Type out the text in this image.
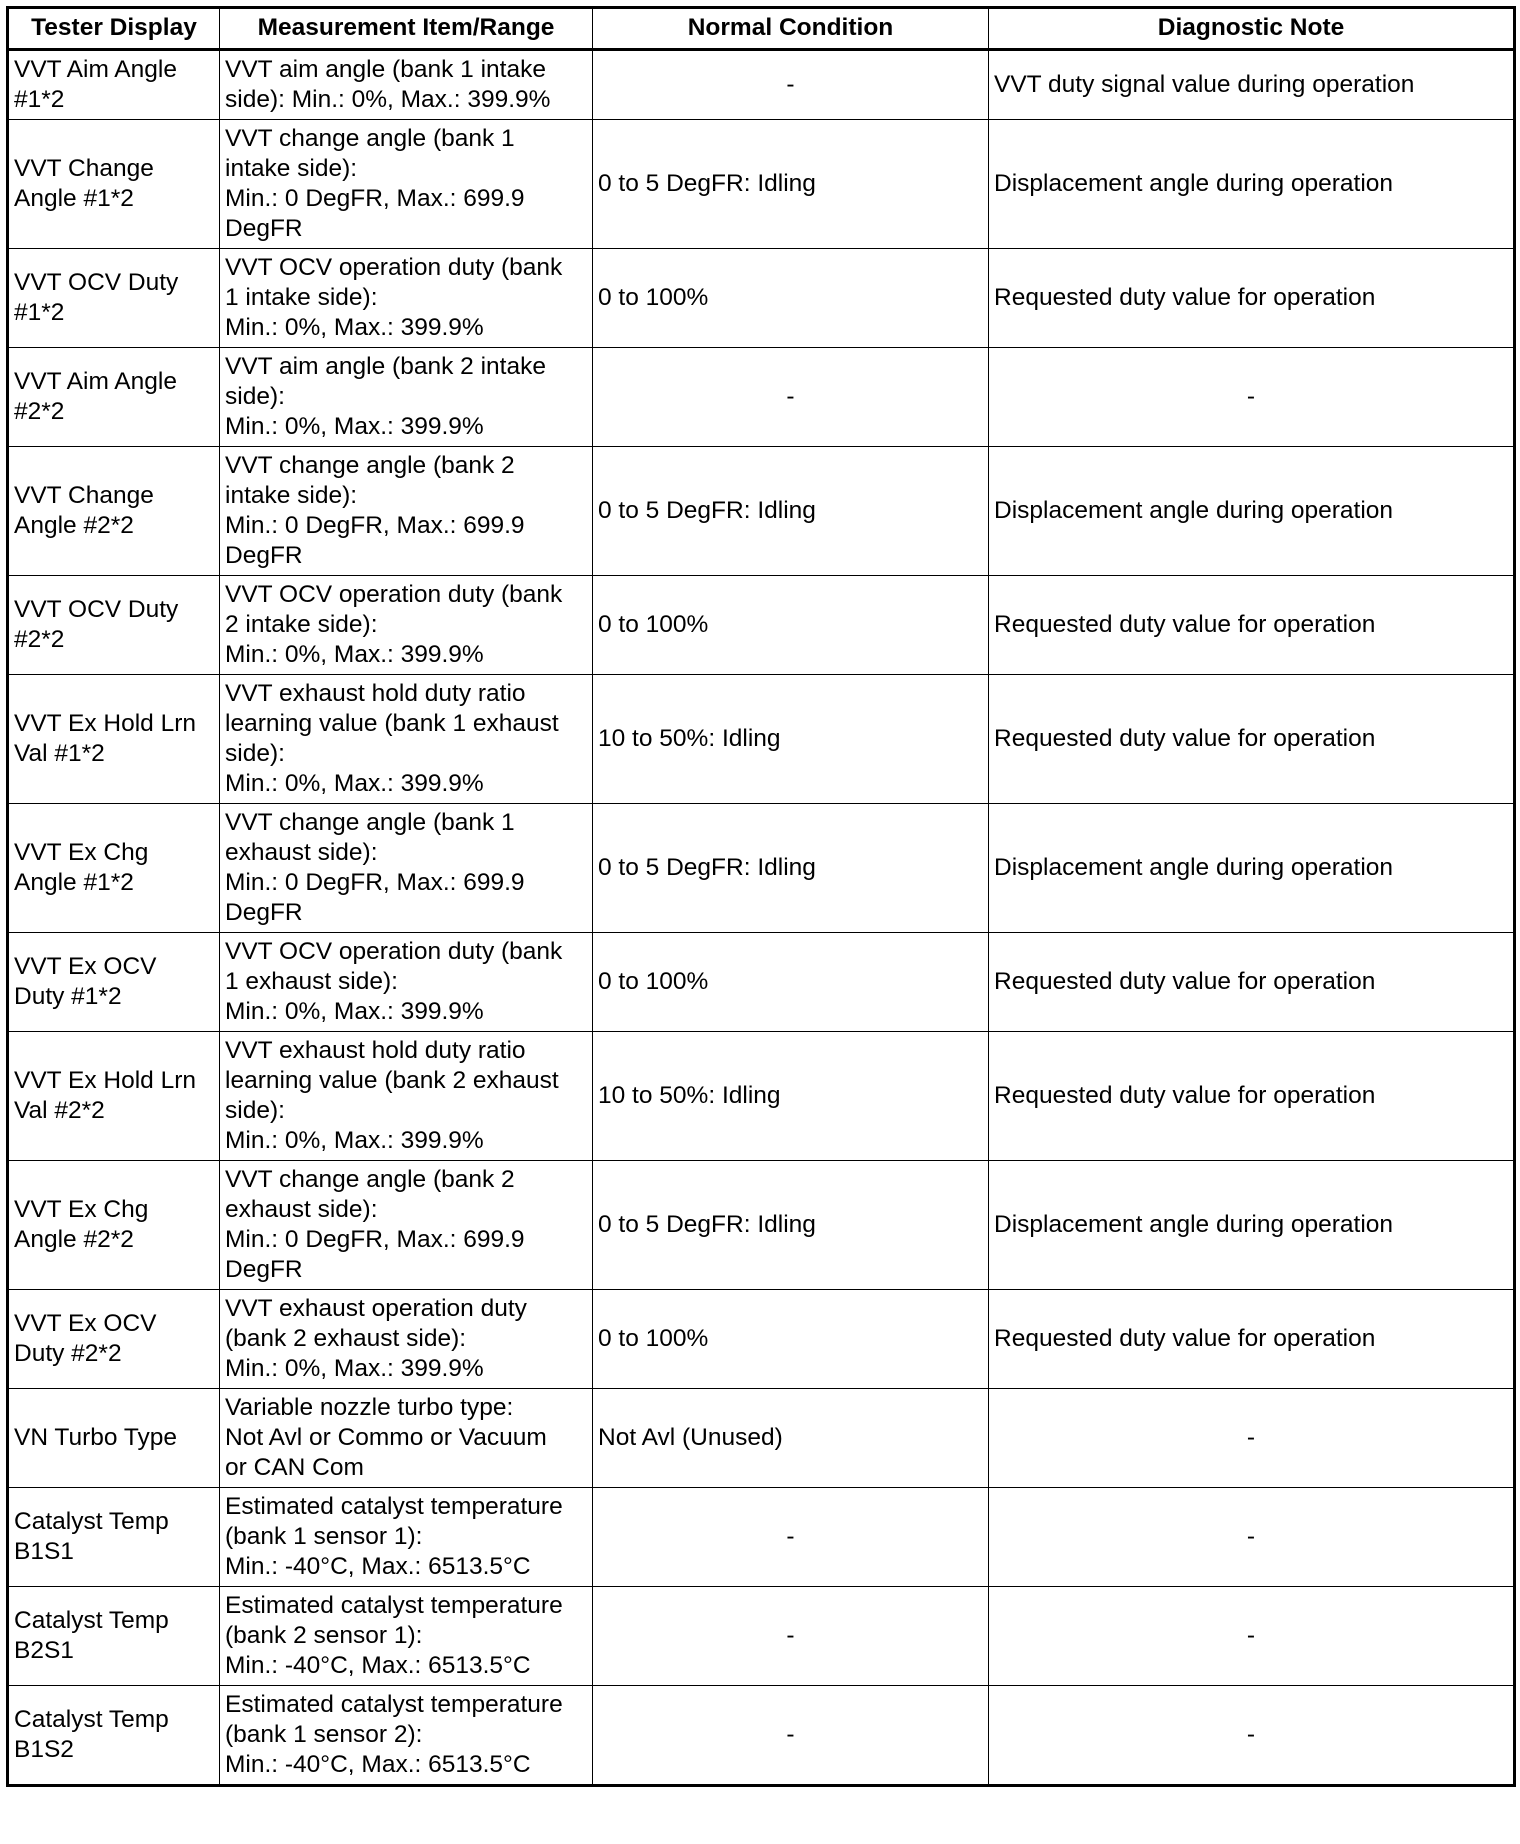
Tester Display	Measurement Item/Range	Normal Condition	Diagnostic Note

VVT Aim Angle
#1*2	VVT aim angle (bank 1 intake
side): Min.: 0%, Max.: 399.9%	-	VVT duty signal value during operation

VVT Change
Angle #1*2	VVT change angle (bank 1
intake side):
Min.: 0 DegFR, Max.: 699.9
DegFR	0 to 5 DegFR: Idling	Displacement angle during operation

VVT OCV Duty
#1*2	VVT OCV operation duty (bank
1 intake side):
Min.: 0%, Max.: 399.9%	0 to 100%	Requested duty value for operation

VVT Aim Angle
#2*2	VVT aim angle (bank 2 intake
side):
Min.: 0%, Max.: 399.9%	-	-

VVT Change
Angle #2*2	VVT change angle (bank 2
intake side):
Min.: 0 DegFR, Max.: 699.9
DegFR	0 to 5 DegFR: Idling	Displacement angle during operation

VVT OCV Duty
#2*2	VVT OCV operation duty (bank
2 intake side):
Min.: 0%, Max.: 399.9%	0 to 100%	Requested duty value for operation

VVT Ex Hold Lrn
Val #1*2	VVT exhaust hold duty ratio
learning value (bank 1 exhaust
side):
Min.: 0%, Max.: 399.9%	10 to 50%: Idling	Requested duty value for operation

VVT Ex Chg
Angle #1*2	VVT change angle (bank 1
exhaust side):
Min.: 0 DegFR, Max.: 699.9
DegFR	0 to 5 DegFR: Idling	Displacement angle during operation

VVT Ex OCV
Duty #1*2	VVT OCV operation duty (bank
1 exhaust side):
Min.: 0%, Max.: 399.9%	0 to 100%	Requested duty value for operation

VVT Ex Hold Lrn
Val #2*2	VVT exhaust hold duty ratio
learning value (bank 2 exhaust
side):
Min.: 0%, Max.: 399.9%	10 to 50%: Idling	Requested duty value for operation

VVT Ex Chg
Angle #2*2	VVT change angle (bank 2
exhaust side):
Min.: 0 DegFR, Max.: 699.9
DegFR	0 to 5 DegFR: Idling	Displacement angle during operation

VVT Ex OCV
Duty #2*2	VVT exhaust operation duty
(bank 2 exhaust side):
Min.: 0%, Max.: 399.9%	0 to 100%	Requested duty value for operation

VN Turbo Type	Variable nozzle turbo type:
Not Avl or Commo or Vacuum
or CAN Com	Not Avl (Unused)	-

Catalyst Temp
B1S1	Estimated catalyst temperature
(bank 1 sensor 1):
Min.: -40°C, Max.: 6513.5°C	-	-

Catalyst Temp
B2S1	Estimated catalyst temperature
(bank 2 sensor 1):
Min.: -40°C, Max.: 6513.5°C	-	-

Catalyst Temp
B1S2	Estimated catalyst temperature
(bank 1 sensor 2):
Min.: -40°C, Max.: 6513.5°C	-	-
